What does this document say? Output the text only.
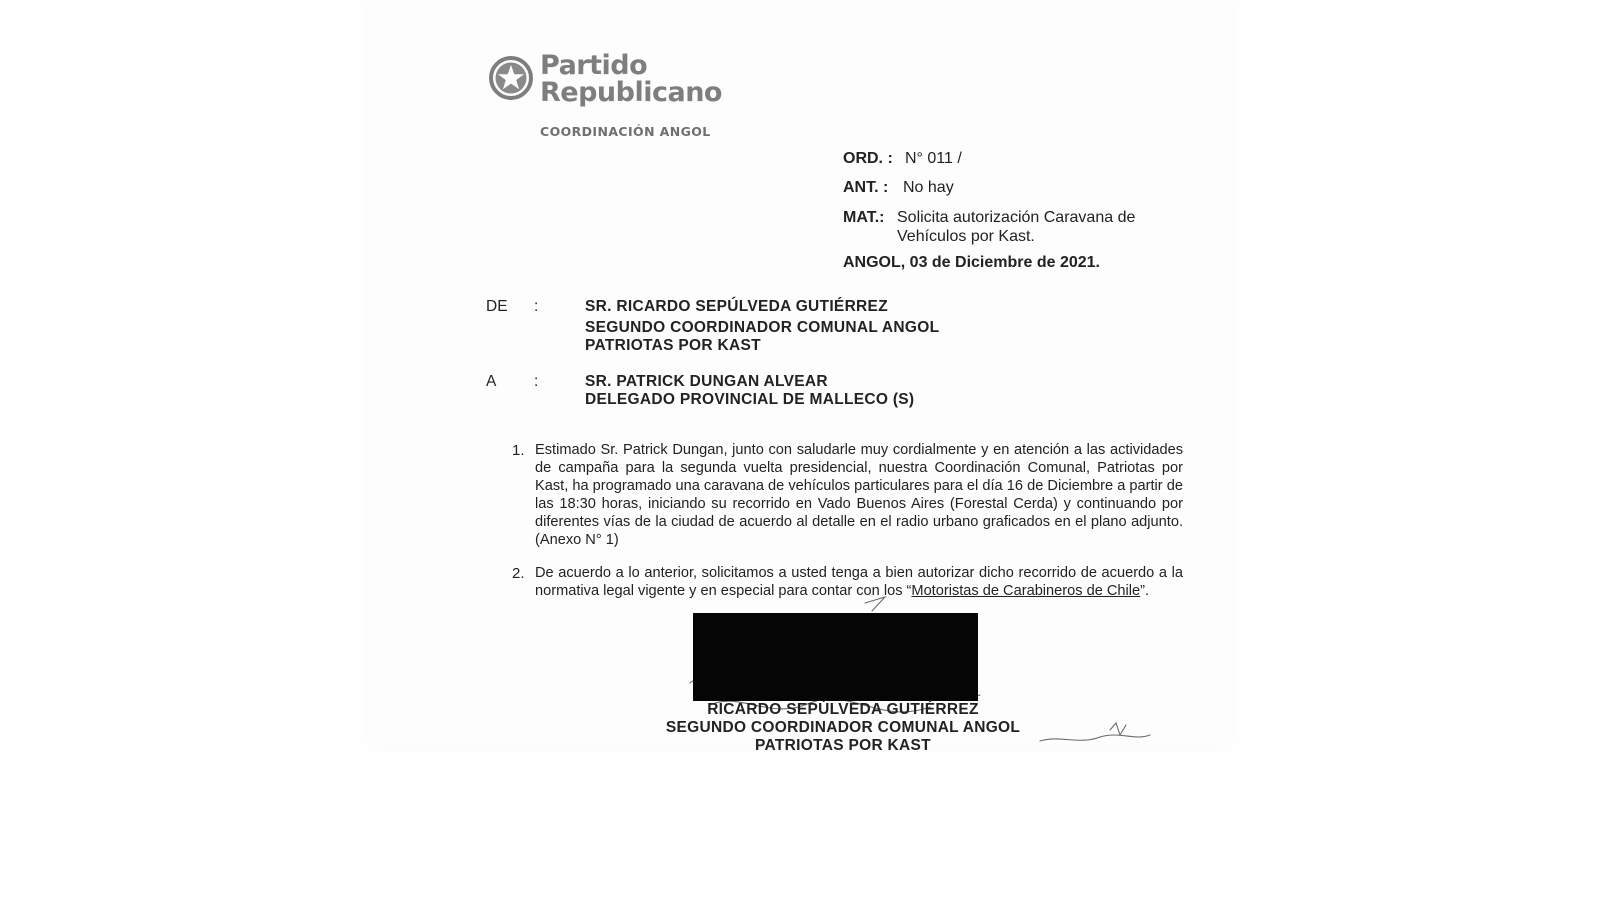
Partido
Republicano
COORDINACIÓN ANGOL
ORD. : N° 011 /
ANT. : No hay
MAT.: Solicita autorización Caravana de
Vehículos por Kast.
ANGOL, 03 de Diciembre de 2021.
DE :	SR. RICARDO SEPÚLVEDA GUTIÉRREZ
SEGUNDO COORDINADOR COMUNAL ANGOL
PATRIOTAS POR KAST
A :	SR. PATRICK DUNGAN ALVEAR
DELEGADO PROVINCIAL DE MALLECO (S)
1. Estimado Sr. Patrick Dungan, junto con saludarle muy cordialmente y en atención a las actividades de campaña para la segunda vuelta presidencial, nuestra Coordinación Comunal, Patriotas por Kast, ha programado una caravana de vehículos particulares para el día 16 de Diciembre a partir de las 18:30 horas, iniciando su recorrido en Vado Buenos Aires (Forestal Cerda) y continuando por diferentes vías de la ciudad de acuerdo al detalle en el radio urbano graficados en el plano adjunto. (Anexo N° 1)
2. De acuerdo a lo anterior, solicitamos a usted tenga a bien autorizar dicho recorrido de acuerdo a la normativa legal vigente y en especial para contar con los “Motoristas de Carabineros de Chile”.
RICARDO SEPÚLVEDA GUTIÉRREZ
SEGUNDO COORDINADOR COMUNAL ANGOL
PATRIOTAS POR KAST
